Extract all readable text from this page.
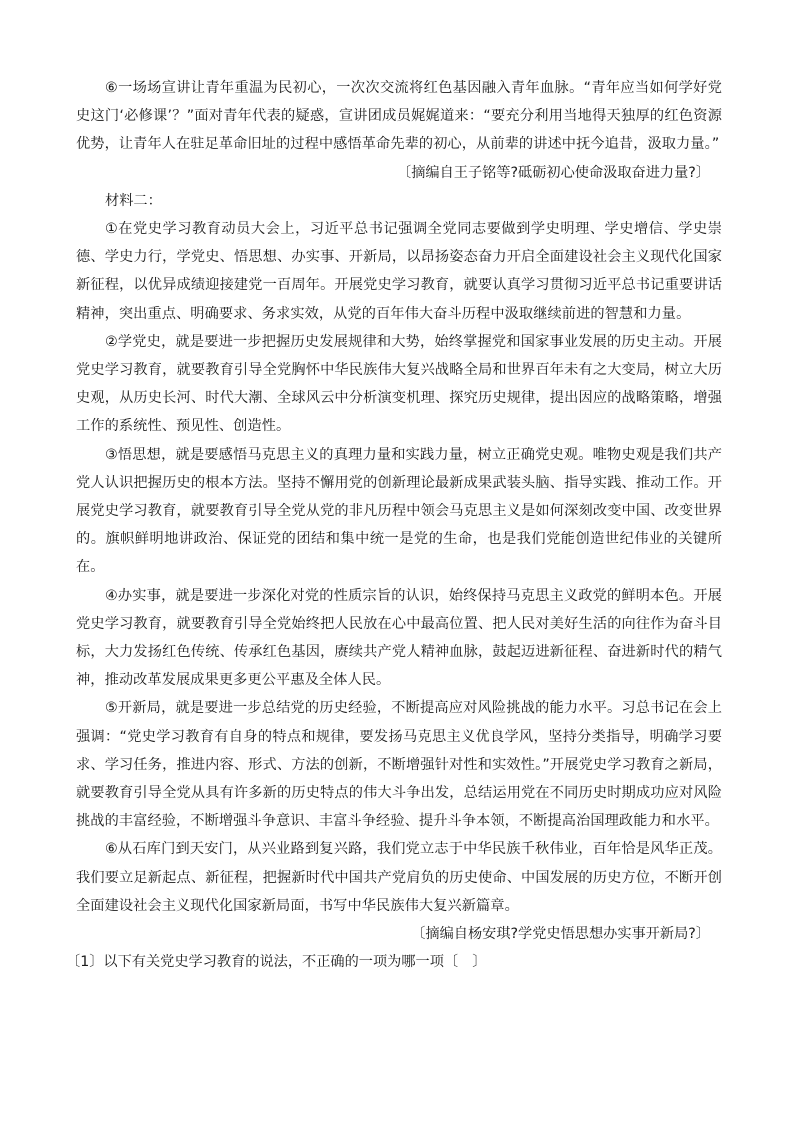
⑥一场场宣讲让青年重温为民初心，一次次交流将红色基因融入青年血脉。“青年应当如何学好党史这门‘必修课’？”面对青年代表的疑惑，宣讲团成员娓娓道来：“要充分利用当地得天独厚的红色资源优势，让青年人在驻足革命旧址的过程中感悟革命先辈的初心，从前辈的讲述中抚今追昔，汲取力量。”

〔摘编自王子铭等?砥砺初心使命汲取奋进力量?〕

材料二：

①在党史学习教育动员大会上，习近平总书记强调全党同志要做到学史明理、学史增信、学史崇德、学史力行，学党史、悟思想、办实事、开新局，以昂扬姿态奋力开启全面建设社会主义现代化国家新征程，以优异成绩迎接建党一百周年。开展党史学习教育，就要认真学习贯彻习近平总书记重要讲话精神，突出重点、明确要求、务求实效，从党的百年伟大奋斗历程中汲取继续前进的智慧和力量。

②学党史，就是要进一步把握历史发展规律和大势，始终掌握党和国家事业发展的历史主动。开展党史学习教育，就要教育引导全党胸怀中华民族伟大复兴战略全局和世界百年未有之大变局，树立大历史观，从历史长河、时代大潮、全球风云中分析演变机理、探究历史规律，提出因应的战略策略，增强工作的系统性、预见性、创造性。

③悟思想，就是要感悟马克思主义的真理力量和实践力量，树立正确党史观。唯物史观是我们共产党人认识把握历史的根本方法。坚持不懈用党的创新理论最新成果武装头脑、指导实践、推动工作。开展党史学习教育，就要教育引导全党从党的非凡历程中领会马克思主义是如何深刻改变中国、改变世界的。旗帜鲜明地讲政治、保证党的团结和集中统一是党的生命，也是我们党能创造世纪伟业的关键所在。

④办实事，就是要进一步深化对党的性质宗旨的认识，始终保持马克思主义政党的鲜明本色。开展党史学习教育，就要教育引导全党始终把人民放在心中最高位置、把人民对美好生活的向往作为奋斗目标，大力发扬红色传统、传承红色基因，赓续共产党人精神血脉，鼓起迈进新征程、奋进新时代的精气神，推动改革发展成果更多更公平惠及全体人民。

⑤开新局，就是要进一步总结党的历史经验，不断提高应对风险挑战的能力水平。习总书记在会上强调：“党史学习教育有自身的特点和规律，要发扬马克思主义优良学风，坚持分类指导，明确学习要求、学习任务，推进内容、形式、方法的创新，不断增强针对性和实效性。”开展党史学习教育之新局，就要教育引导全党从具有许多新的历史特点的伟大斗争出发，总结运用党在不同历史时期成功应对风险挑战的丰富经验，不断增强斗争意识、丰富斗争经验、提升斗争本领，不断提高治国理政能力和水平。

⑥从石库门到天安门，从兴业路到复兴路，我们党立志于中华民族千秋伟业，百年恰是风华正茂。我们要立足新起点、新征程，把握新时代中国共产党肩负的历史使命、中国发展的历史方位，不断开创全面建设社会主义现代化国家新局面，书写中华民族伟大复兴新篇章。

〔摘编自杨安琪?学党史悟思想办实事开新局?〕

〔1〕以下有关党史学习教育的说法，不正确的一项为哪一项〔　〕
